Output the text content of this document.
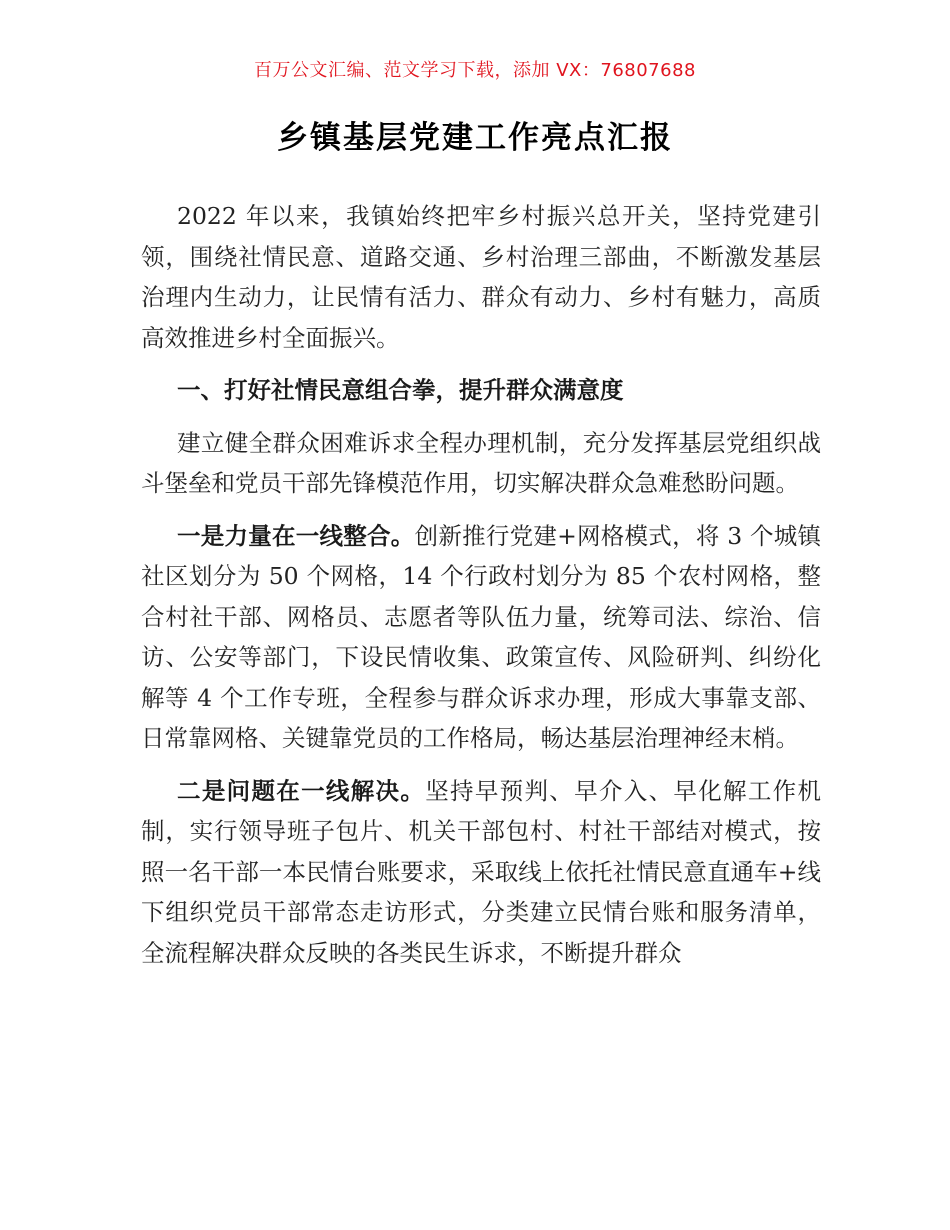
百万公文汇编、范文学习下载，添加 VX：76807688
乡镇基层党建工作亮点汇报

2022 年以来，我镇始终把牢乡村振兴总开关，坚持党建引领，围绕社情民意、道路交通、乡村治理三部曲，不断激发基层治理内生动力，让民情有活力、群众有动力、乡村有魅力，高质高效推进乡村全面振兴。

一、打好社情民意组合拳，提升群众满意度

建立健全群众困难诉求全程办理机制，充分发挥基层党组织战斗堡垒和党员干部先锋模范作用，切实解决群众急难愁盼问题。

一是力量在一线整合。创新推行党建+网格模式，将 3 个城镇社区划分为 50 个网格，14 个行政村划分为 85 个农村网格，整合村社干部、网格员、志愿者等队伍力量，统筹司法、综治、信访、公安等部门，下设民情收集、政策宣传、风险研判、纠纷化解等 4 个工作专班，全程参与群众诉求办理，形成大事靠支部、日常靠网格、关键靠党员的工作格局，畅达基层治理神经末梢。

二是问题在一线解决。坚持早预判、早介入、早化解工作机制，实行领导班子包片、机关干部包村、村社干部结对模式，按照一名干部一本民情台账要求，采取线上依托社情民意直通车+线下组织党员干部常态走访形式，分类建立民情台账和服务清单，全流程解决群众反映的各类民生诉求，不断提升群众
